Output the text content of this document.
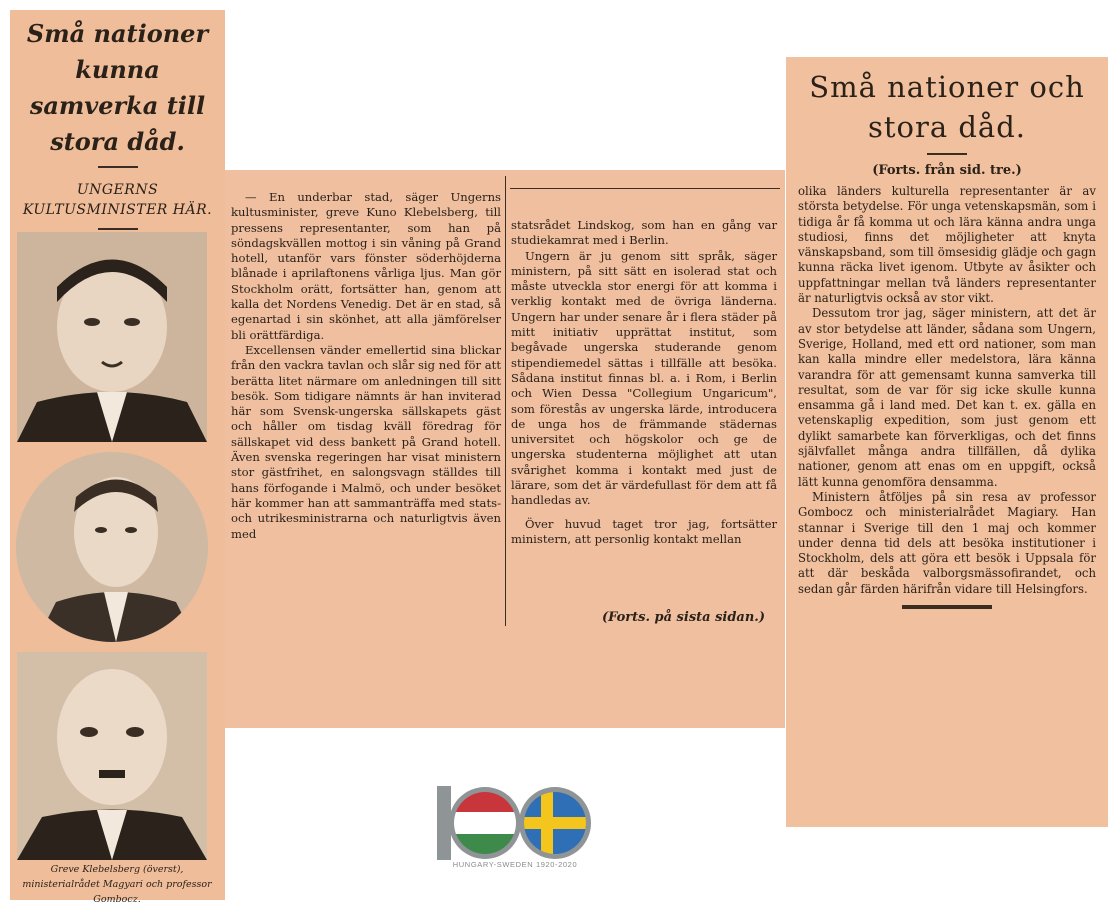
Små nationer kunna samverka till stora dåd.
UNGERNS KULTUSMINISTER HÄR.
Greve Klebelsberg (överst), ministerialrådet Magyari och professor Gombocz.

— En underbar stad, säger Ungerns kultusminister, greve Kuno Klebelsberg, till pressens representanter, som han på söndagskvällen mottog i sin våning på Grand hotell, utanför vars fönster söderhöjderna blånade i aprilaftonens vårliga ljus. Man gör Stockholm orätt, fortsätter han, genom att kalla det Nordens Venedig. Det är en stad, så egenartad i sin skönhet, att alla jämförelser bli orättfärdiga.

Excellensen vänder emellertid sina blickar från den vackra tavlan och slår sig ned för att berätta litet närmare om anledningen till sitt besök. Som tidigare nämnts är han inviterad här som Svensk-ungerska sällskapets gäst och håller om tisdag kväll föredrag för sällskapet vid dess bankett på Grand hotell. Även svenska regeringen har visat ministern stor gästfrihet, en salongsvagn ställdes till hans förfogande i Malmö, och under besöket här kommer han att sammanträffa med stats- och utrikesministrarna och naturligtvis även med

statsrådet Lindskog, som han en gång var studiekamrat med i Berlin.

Ungern är ju genom sitt språk, säger ministern, på sitt sätt en isolerad stat och måste utveckla stor energi för att komma i verklig kontakt med de övriga länderna. Ungern har under senare år i flera städer på mitt initiativ upprättat institut, som begåvade ungerska studerande genom stipendiemedel sättas i tillfälle att besöka. Sådana institut finnas bl. a. i Rom, i Berlin och Wien Dessa "Collegium Ungaricum", som förestås av ungerska lärde, introducera de unga hos de främmande städernas universitet och högskolor och ge de ungerska studenterna möjlighet att utan svårighet komma i kontakt med just de lärare, som det är värdefullast för dem att få handledas av.

Över huvud taget tror jag, fortsätter ministern, att personlig kontakt mellan

(Forts. på sista sidan.)
Små nationer och stora dåd.
(Forts. från sid. tre.)

olika länders kulturella representanter är av största betydelse. För unga vetenskapsmän, som i tidiga år få komma ut och lära känna andra unga studiosi, finns det möjligheter att knyta vänskapsband, som till ömsesidig glädje och gagn kunna räcka livet igenom. Utbyte av åsikter och uppfattningar mellan två länders representanter är naturligtvis också av stor vikt.

Dessutom tror jag, säger ministern, att det är av stor betydelse att länder, sådana som Ungern, Sverige, Holland, med ett ord nationer, som man kan kalla mindre eller medelstora, lära känna varandra för att gemensamt kunna samverka till resultat, som de var för sig icke skulle kunna ensamma gå i land med. Det kan t. ex. gälla en vetenskaplig expedition, som just genom ett dylikt samarbete kan förverkligas, och det finns självfallet många andra tillfällen, då dylika nationer, genom att enas om en uppgift, också lätt kunna genomföra densamma.

Ministern åtföljes på sin resa av professor Gombocz och ministerialrådet Magiary. Han stannar i Sverige till den 1 maj och kommer under denna tid dels att besöka institutioner i Stockholm, dels att göra ett besök i Uppsala för att där beskåda valborgsmässofirandet, och sedan går färden härifrån vidare till Helsingfors.

HUNGARY-SWEDEN 1920-2020
